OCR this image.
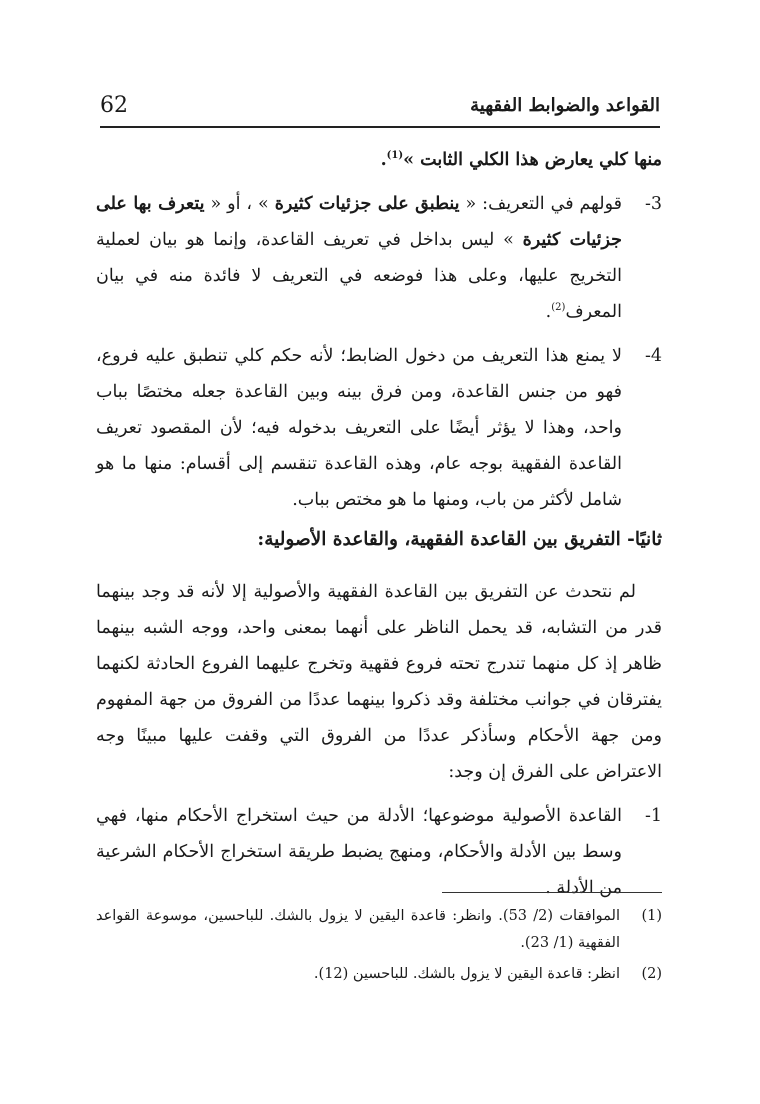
62	القواعد والضوابط الفقهية

منها كلي يعارض هذا الكلي الثابت »$^{(1)}$.

-3
قولهم في التعريف: « ينطبق على جزئيات كثيرة » ، أو « يتعرف بها على جزئيات كثيرة » ليس بداخل في تعريف القاعدة، وإنما هو بيان لعملية التخريج عليها، وعلى هذا فوضعه في التعريف لا فائدة منه في بيان المعرف$^{(2)}$.
-4
لا يمنع هذا التعريف من دخول الضابط؛ لأنه حكم كلي تنطبق عليه فروع، فهو من جنس القاعدة، ومن فرق بينه وبين القاعدة جعله مختصًا بباب واحد، وهذا لا يؤثر أيضًا على التعريف بدخوله فيه؛ لأن المقصود تعريف القاعدة الفقهية بوجه عام، وهذه القاعدة تنقسم إلى أقسام: منها ما هو شامل لأكثر من باب، ومنها ما هو مختص بباب.
ثانيًا- التفريق بين القاعدة الفقهية، والقاعدة الأصولية:

لم نتحدث عن التفريق بين القاعدة الفقهية والأصولية إلا لأنه قد وجد بينهما قدر من التشابه، قد يحمل الناظر على أنهما بمعنى واحد، ووجه الشبه بينهما ظاهر إذ كل منهما تندرج تحته فروع فقهية وتخرج عليهما الفروع الحادثة لكنهما يفترقان في جوانب مختلفة وقد ذكروا بينهما عددًا من الفروق من جهة المفهوم ومن جهة الأحكام وسأذكر عددًا من الفروق التي وقفت عليها مبينًا وجه الاعتراض على الفرق إن وجد:

-1
القاعدة الأصولية موضوعها؛ الأدلة من حيث استخراج الأحكام منها، فهي وسط بين الأدلة والأحكام، ومنهج يضبط طريقة استخراج الأحكام الشرعية من الأدلة .
(1)
الموافقات (2/ 53). وانظر: قاعدة اليقين لا يزول بالشك. للباحسين، موسوعة القواعد الفقهية (1/ 23).
(2)
انظر: قاعدة اليقين لا يزول بالشك. للباحسين (12).
